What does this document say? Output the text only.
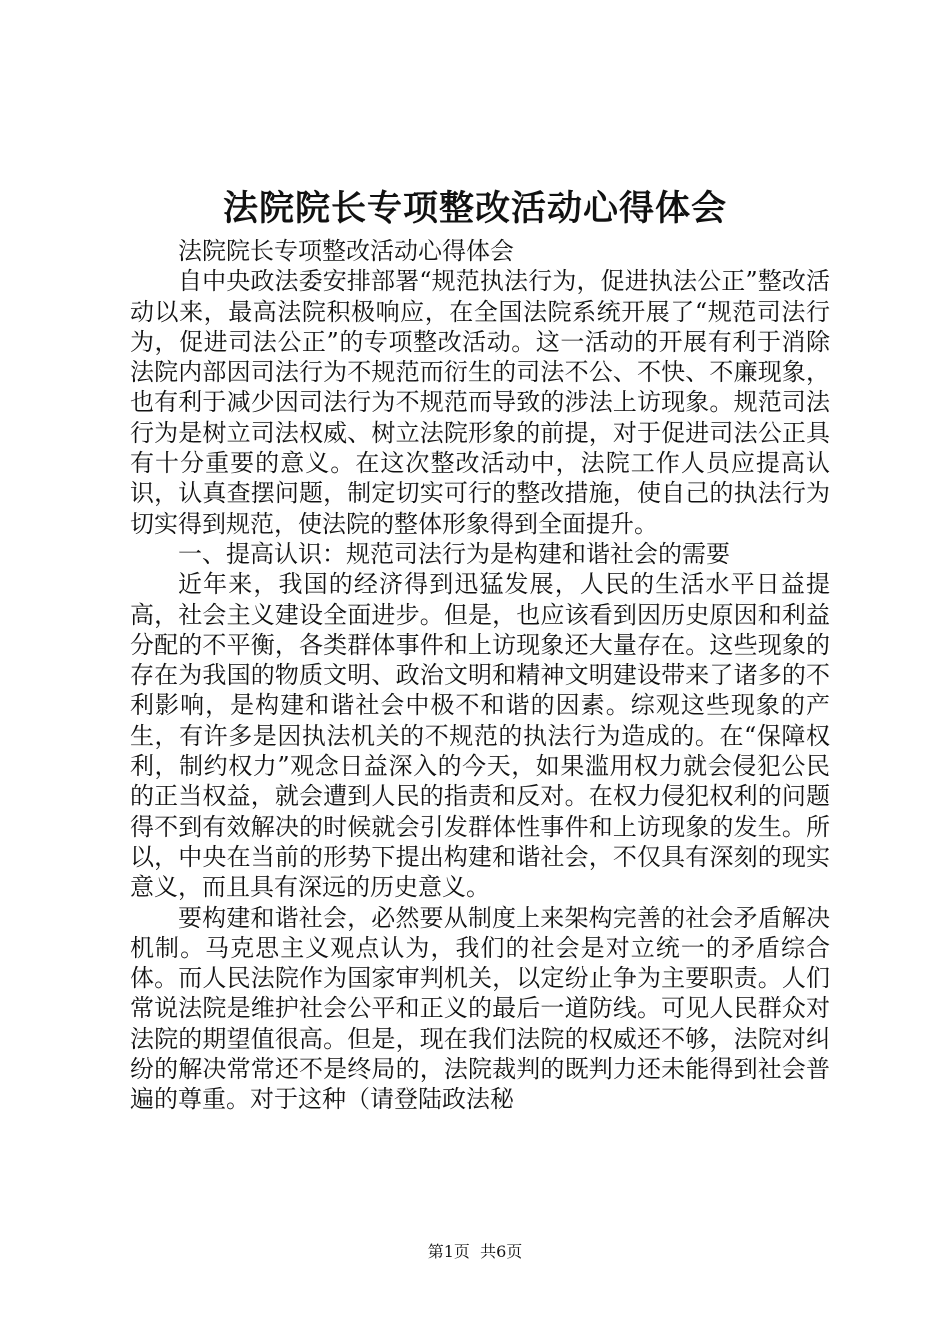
法院院长专项整改活动心得体会

法院院长专项整改活动心得体会

自中央政法委安排部署“规范执法行为，促进执法公正”整改活动以来，最高法院积极响应，在全国法院系统开展了“规范司法行为，促进司法公正”的专项整改活动。这一活动的开展有利于消除法院内部因司法行为不规范而衍生的司法不公、不快、不廉现象，也有利于减少因司法行为不规范而导致的涉法上访现象。规范司法行为是树立司法权威、树立法院形象的前提，对于促进司法公正具有十分重要的意义。在这次整改活动中，法院工作人员应提高认识，认真查摆问题，制定切实可行的整改措施，使自己的执法行为切实得到规范，使法院的整体形象得到全面提升。

一、提高认识：规范司法行为是构建和谐社会的需要

近年来，我国的经济得到迅猛发展，人民的生活水平日益提高，社会主义建设全面进步。但是，也应该看到因历史原因和利益分配的不平衡，各类群体事件和上访现象还大量存在。这些现象的存在为我国的物质文明、政治文明和精神文明建设带来了诸多的不利影响，是构建和谐社会中极不和谐的因素。综观这些现象的产生，有许多是因执法机关的不规范的执法行为造成的。在“保障权利，制约权力”观念日益深入的今天，如果滥用权力就会侵犯公民的正当权益，就会遭到人民的指责和反对。在权力侵犯权利的问题得不到有效解决的时候就会引发群体性事件和上访现象的发生。所以，中央在当前的形势下提出构建和谐社会，不仅具有深刻的现实意义，而且具有深远的历史意义。

要构建和谐社会，必然要从制度上来架构完善的社会矛盾解决机制。马克思主义观点认为，我们的社会是对立统一的矛盾综合体。而人民法院作为国家审判机关，以定纷止争为主要职责。人们常说法院是维护社会公平和正义的最后一道防线。可见人民群众对法院的期望值很高。但是，现在我们法院的权威还不够，法院对纠纷的解决常常还不是终局的，法院裁判的既判力还未能得到社会普遍的尊重。对于这种（请登陆政法秘

第1页 共6页
